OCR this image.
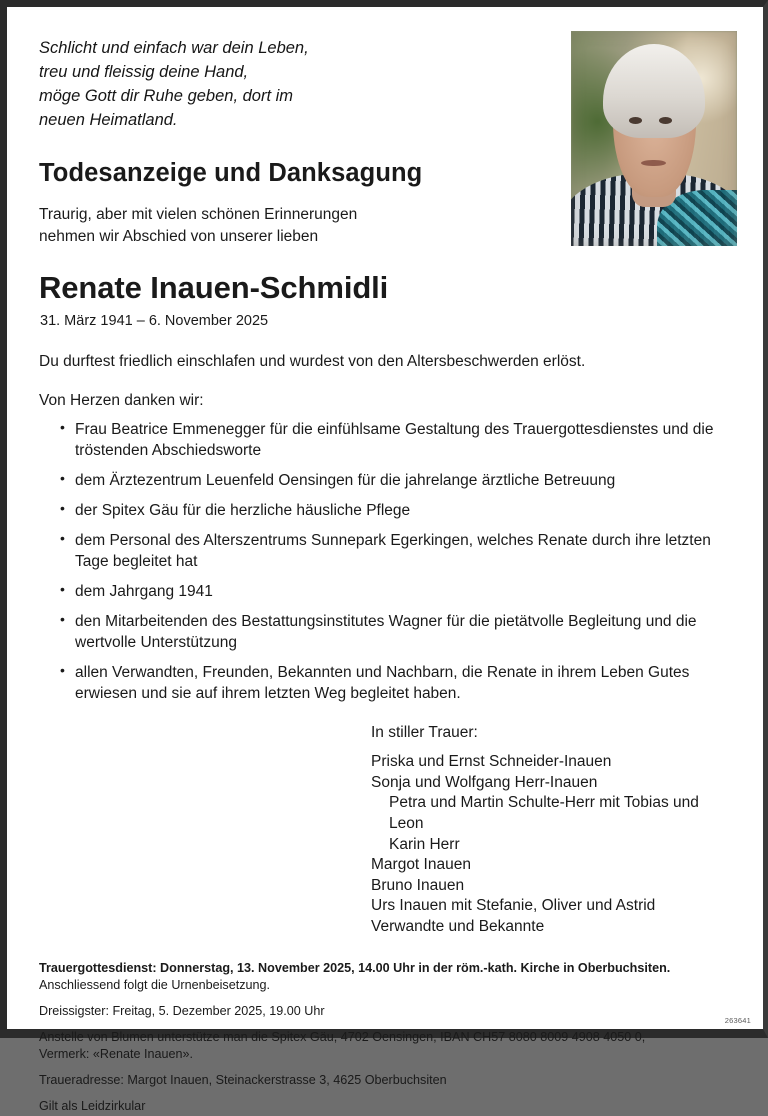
Schlicht und einfach war dein Leben,
treu und fleissig deine Hand,
möge Gott dir Ruhe geben, dort im
neuen Heimatland.
Todesanzeige und Danksagung
Traurig, aber mit vielen schönen Erinnerungen
nehmen wir Abschied von unserer lieben
Renate Inauen-Schmidli
31. März 1941 – 6. November 2025
Du durftest friedlich einschlafen und wurdest von den Altersbeschwerden erlöst.
Von Herzen danken wir:
• Frau Beatrice Emmenegger für die einfühlsame Gestaltung des Trauergottesdienstes und die tröstenden Abschiedsworte
• dem Ärztezentrum Leuenfeld Oensingen für die jahrelange ärztliche Betreuung
• der Spitex Gäu für die herzliche häusliche Pflege
• dem Personal des Alterszentrums Sunnepark Egerkingen, welches Renate durch ihre letzten Tage begleitet hat
• dem Jahrgang 1941
• den Mitarbeitenden des Bestattungsinstitutes Wagner für die pietätvolle Begleitung und die wertvolle Unterstützung
• allen Verwandten, Freunden, Bekannten und Nachbarn, die Renate in ihrem Leben Gutes erwiesen und sie auf ihrem letzten Weg begleitet haben.
In stiller Trauer:
Priska und Ernst Schneider-Inauen
Sonja und Wolfgang Herr-Inauen
Petra und Martin Schulte-Herr mit Tobias und Leon
Karin Herr
Margot Inauen
Bruno Inauen
Urs Inauen mit Stefanie, Oliver und Astrid
Verwandte und Bekannte

Trauergottesdienst: Donnerstag, 13. November 2025, 14.00 Uhr in der röm.-kath. Kirche in Oberbuchsiten.
Anschliessend folgt die Urnenbeisetzung.

Dreissigster: Freitag, 5. Dezember 2025, 19.00 Uhr

Anstelle von Blumen unterstütze man die Spitex Gäu, 4702 Oensingen, IBAN CH57 8080 8009 4908 4050 0,
Vermerk: «Renate Inauen».

Traueradresse: Margot Inauen, Steinackerstrasse 3, 4625 Oberbuchsiten

Gilt als Leidzirkular

263641
